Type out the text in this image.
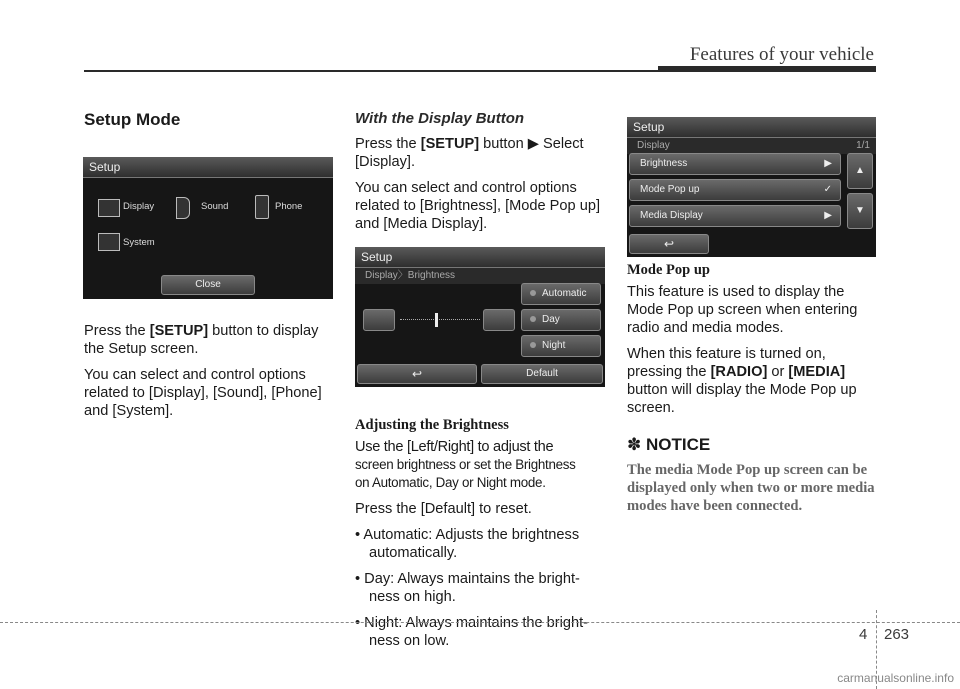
Features of your vehicle
Setup Mode

Press the [SETUP] button to display the Setup screen.

You can select and control options related to [Display], [Sound], [Phone] and [System].

Setup
Display	Sound	Phone
System
Close
With the Display Button

Press the [SETUP] button ▶ Select [Display].

You can select and control options related to [Brightness], [Mode Pop up] and [Media Display].

Adjusting the Brightness

Use the [Left/Right] to adjust the
screen brightness or set the Brightness
on Automatic, Day or Night mode.

Press the [Default] to reset.

• Automatic: Adjusts the brightness automatically.
• Day: Always maintains the bright- ness on high.
• Night: Always maintains the bright- ness on low.
Setup
Display〉Brightness
Automatic
Day
Night
↩	Default
Setup
Display	1/1
Brightness	▶
Mode Pop up	✓
Media Display	▶
▲
▼
↩
Mode Pop up

This feature is used to display the Mode Pop up screen when entering radio and media modes.

When this feature is turned on, pressing the [RADIO] or [MEDIA] button will display the Mode Pop up screen.

✽ NOTICE

The media Mode Pop up screen can be displayed only when two or more media modes have been connected.

4 263
carmanualsonline.info
